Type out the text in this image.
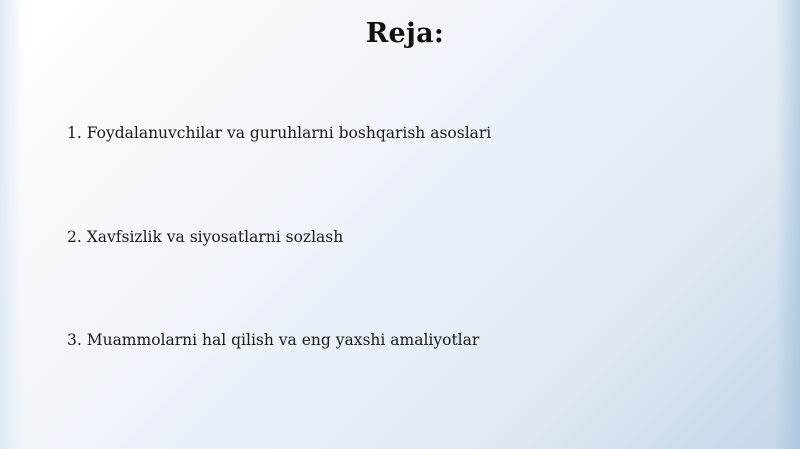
Reja:
1. Foydalanuvchilar va guruhlarni boshqarish asoslari
2. Xavfsizlik va siyosatlarni sozlash
3. Muammolarni hal qilish va eng yaxshi amaliyotlar
